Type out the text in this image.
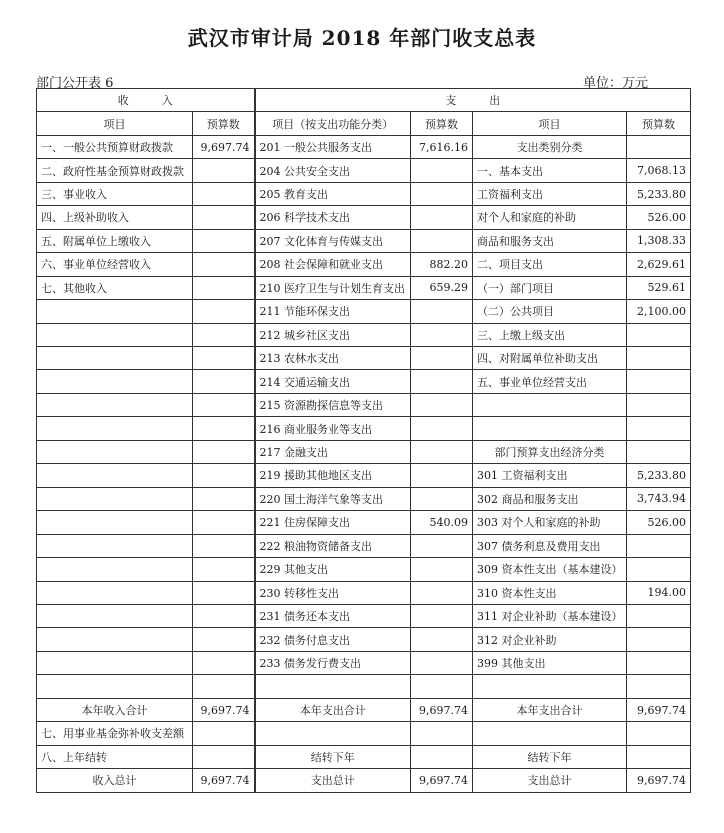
武汉市审计局 2018 年部门收支总表
部门公开表 6	单位：万元
收　　　入		支　　　出			
项目	预算数	项目（按支出功能分类）	预算数	项目	预算数
一、一般公共预算财政拨款	9,697.74	201 一般公共服务支出	7,616.16	支出类别分类	
二、政府性基金预算财政拨款		204 公共安全支出		一、基本支出	7,068.13
三、事业收入		205 教育支出		工资福利支出	5,233.80
四、上级补助收入		206 科学技术支出		对个人和家庭的补助	526.00
五、附属单位上缴收入		207 文化体育与传媒支出		商品和服务支出	1,308.33
六、事业单位经营收入		208 社会保障和就业支出	882.20	二、项目支出	2,629.61
七、其他收入		210 医疗卫生与计划生育支出	659.29	（一）部门项目	529.61
		211 节能环保支出		（二）公共项目	2,100.00
		212 城乡社区支出		三、上缴上级支出	
		213 农林水支出		四、对附属单位补助支出	
		214 交通运输支出		五、事业单位经营支出	
		215 资源勘探信息等支出			
		216 商业服务业等支出			
		217 金融支出		部门预算支出经济分类	
		219 援助其他地区支出		301 工资福利支出	5,233.80
		220 国土海洋气象等支出		302 商品和服务支出	3,743.94
		221 住房保障支出	540.09	303 对个人和家庭的补助	526.00
		222 粮油物资储备支出		307 债务利息及费用支出	
		229 其他支出		309 资本性支出（基本建设）	
		230 转移性支出		310 资本性支出	194.00
		231 债务还本支出		311 对企业补助（基本建设）	
		232 债务付息支出		312 对企业补助	
		233 债务发行费支出		399 其他支出	

本年收入合计	9,697.74	本年支出合计	9,697.74	本年支出合计	9,697.74
七、用事业基金弥补收支差额					
八、上年结转		结转下年		结转下年	
收入总计	9,697.74	支出总计	9,697.74	支出总计	9,697.74
